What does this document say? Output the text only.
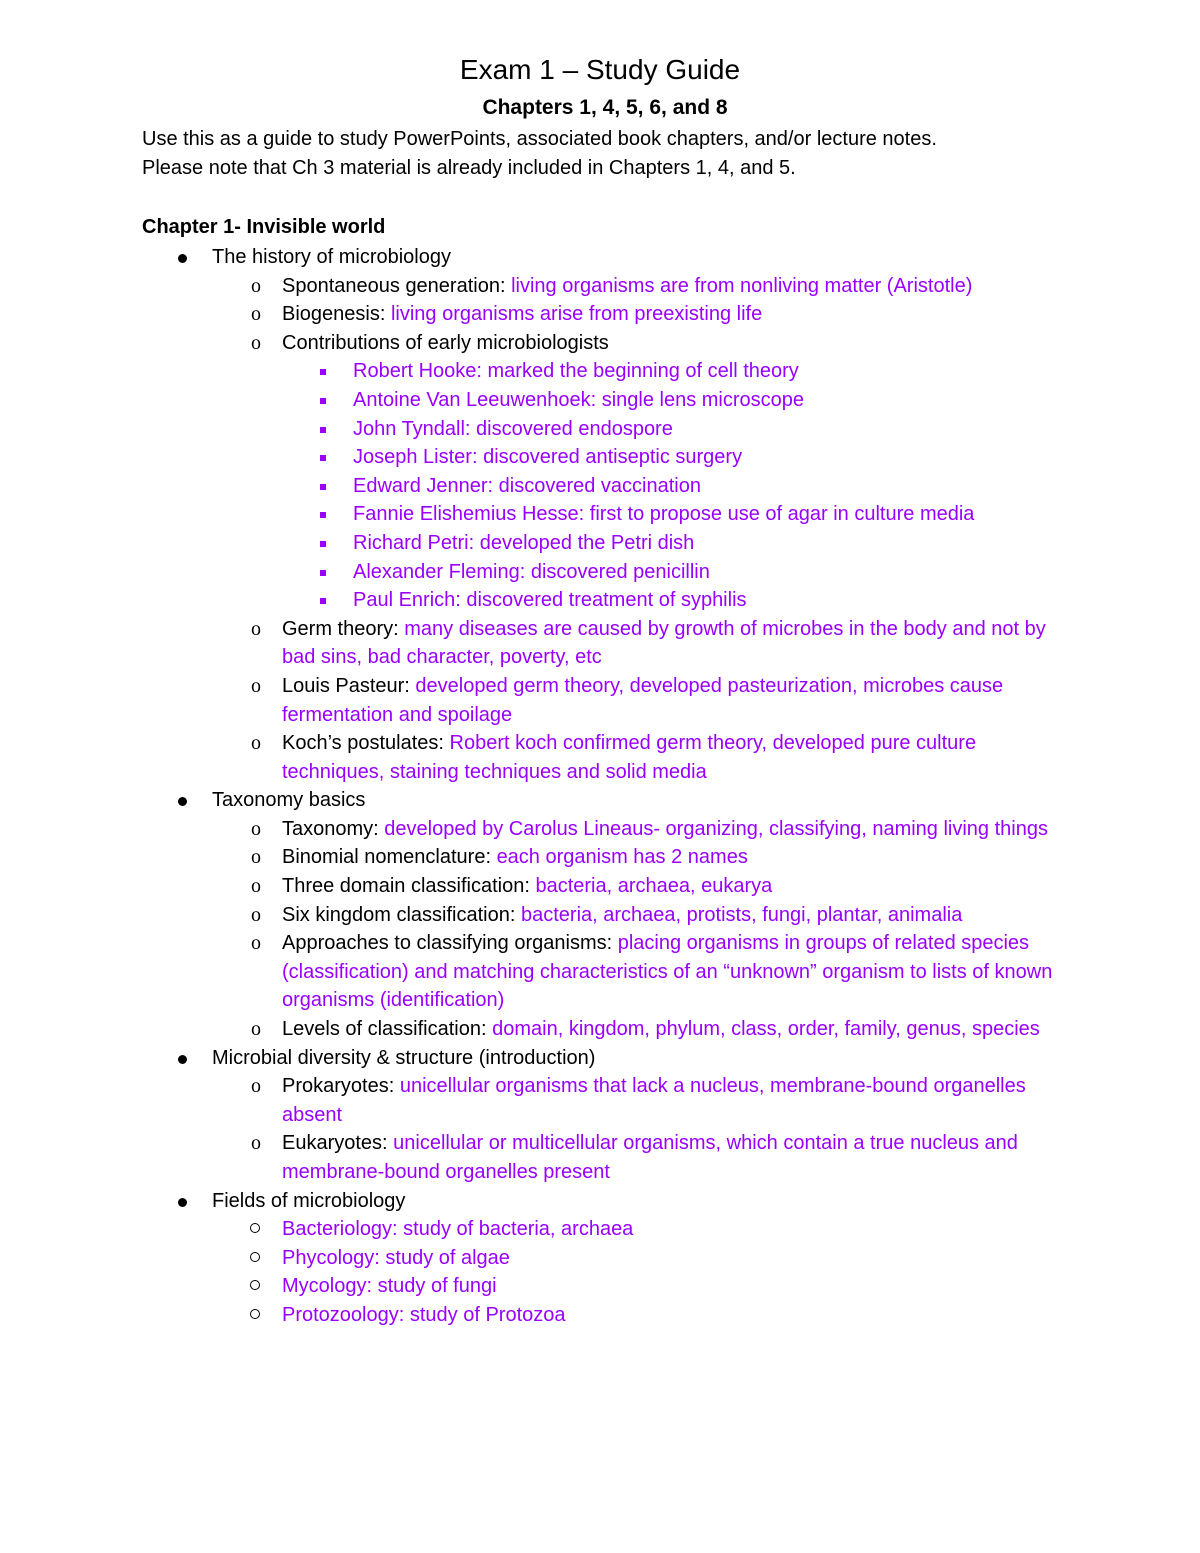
Exam 1 – Study Guide
Chapters 1, 4, 5, 6, and 8
Use this as a guide to study PowerPoints, associated book chapters, and/or lecture notes.
Please note that Ch 3 material is already included in Chapters 1, 4, and 5.
Chapter 1- Invisible world
The history of microbiology
o Spontaneous generation: living organisms are from nonliving matter (Aristotle)
o Biogenesis: living organisms arise from preexisting life
o Contributions of early microbiologists
Robert Hooke: marked the beginning of cell theory
Antoine Van Leeuwenhoek: single lens microscope
John Tyndall: discovered endospore
Joseph Lister: discovered antiseptic surgery
Edward Jenner: discovered vaccination
Fannie Elishemius Hesse: first to propose use of agar in culture media
Richard Petri: developed the Petri dish
Alexander Fleming: discovered penicillin
Paul Enrich: discovered treatment of syphilis
o Germ theory: many diseases are caused by growth of microbes in the body and not by bad sins, bad character, poverty, etc
o Louis Pasteur: developed germ theory, developed pasteurization, microbes cause fermentation and spoilage
o Koch’s postulates: Robert koch confirmed germ theory, developed pure culture techniques, staining techniques and solid media
Taxonomy basics
o Taxonomy: developed by Carolus Lineaus- organizing, classifying, naming living things
o Binomial nomenclature: each organism has 2 names
o Three domain classification: bacteria, archaea, eukarya
o Six kingdom classification: bacteria, archaea, protists, fungi, plantar, animalia
o Approaches to classifying organisms: placing organisms in groups of related species (classification) and matching characteristics of an “unknown” organism to lists of known organisms (identification)
o Levels of classification: domain, kingdom, phylum, class, order, family, genus, species
Microbial diversity & structure (introduction)
o Prokaryotes: unicellular organisms that lack a nucleus, membrane-bound organelles absent
o Eukaryotes: unicellular or multicellular organisms, which contain a true nucleus and membrane-bound organelles present
Fields of microbiology
Bacteriology: study of bacteria, archaea
Phycology: study of algae
Mycology: study of fungi
Protozoology: study of Protozoa
